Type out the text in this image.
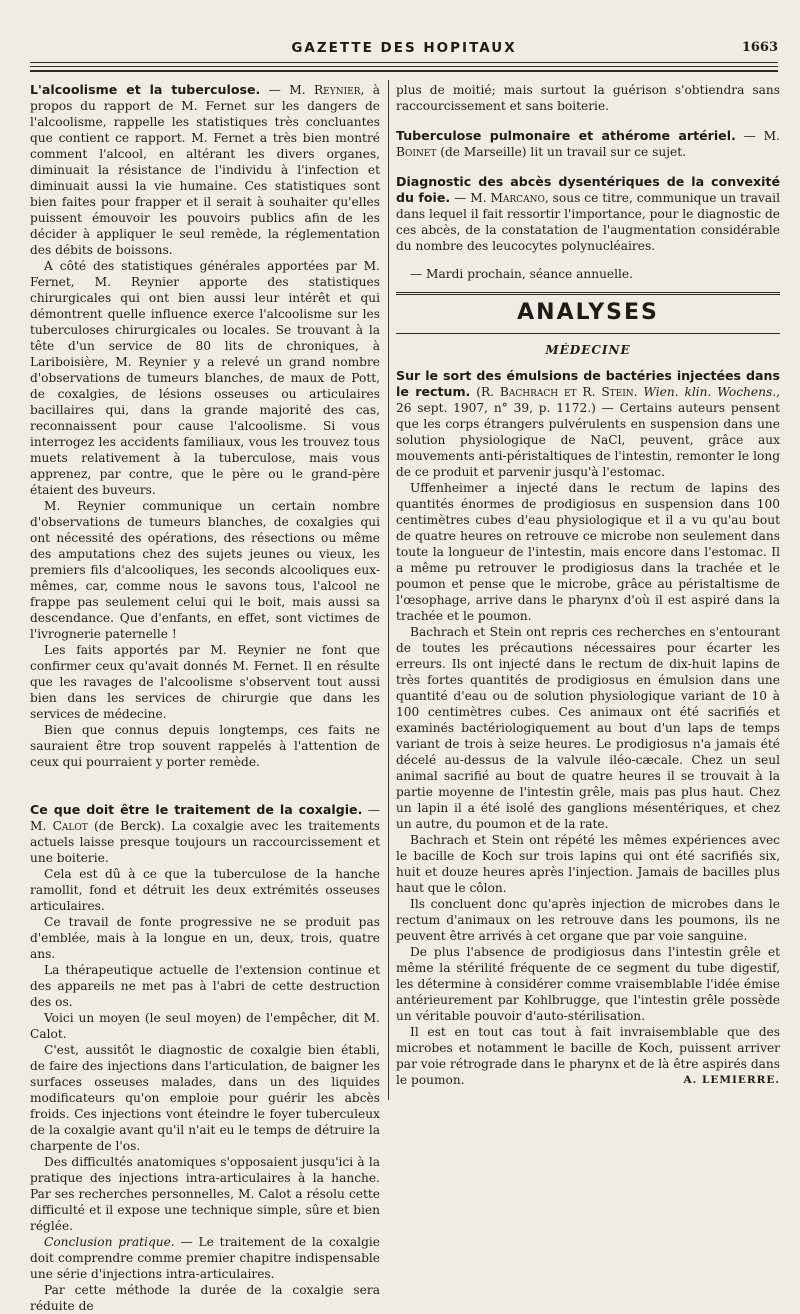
GAZETTE DES HOPITAUX	1663

L'alcoolisme et la tuberculose. — M. Reynier, à propos du rapport de M. Fernet sur les dangers de l'alcoolisme, rappelle les statistiques très concluantes que contient ce rapport. M. Fernet a très bien montré comment l'alcool, en altérant les divers organes, diminuait la résistance de l'individu à l'infection et diminuait aussi la vie humaine. Ces statistiques sont bien faites pour frapper et il serait à souhaiter qu'elles puissent émouvoir les pouvoirs publics afin de les décider à appliquer le seul remède, la réglementation des débits de boissons.

A côté des statistiques générales apportées par M. Fernet, M. Reynier apporte des statistiques chirurgicales qui ont bien aussi leur intérêt et qui démontrent quelle influence exerce l'alcoolisme sur les tuberculoses chirurgicales ou locales. Se trouvant à la tête d'un service de 80 lits de chroniques, à Lariboisière, M. Reynier y a relevé un grand nombre d'observations de tumeurs blanches, de maux de Pott, de coxalgies, de lésions osseuses ou articulaires bacillaires qui, dans la grande majorité des cas, reconnaissent pour cause l'alcoolisme. Si vous interrogez les accidents familiaux, vous les trouvez tous muets relativement à la tuberculose, mais vous apprenez, par contre, que le père ou le grand-père étaient des buveurs.

M. Reynier communique un certain nombre d'observations de tumeurs blanches, de coxalgies qui ont nécessité des opérations, des résections ou même des amputations chez des sujets jeunes ou vieux, les premiers fils d'alcooliques, les seconds alcooliques eux-mêmes, car, comme nous le savons tous, l'alcool ne frappe pas seulement celui qui le boit, mais aussi sa descendance. Que d'enfants, en effet, sont victimes de l'ivrognerie paternelle !

Les faits apportés par M. Reynier ne font que confirmer ceux qu'avait donnés M. Fernet. Il en résulte que les ravages de l'alcoolisme s'observent tout aussi bien dans les services de chirurgie que dans les services de médecine.

Bien que connus depuis longtemps, ces faits ne sauraient être trop souvent rappelés à l'attention de ceux qui pourraient y porter remède.

Ce que doit être le traitement de la coxalgie. — M. Calot (de Berck). La coxalgie avec les traitements actuels laisse presque toujours un raccourcissement et une boiterie.

Cela est dû à ce que la tuberculose de la hanche ramollit, fond et détruit les deux extrémités osseuses articulaires.

Ce travail de fonte progressive ne se produit pas d'emblée, mais à la longue en un, deux, trois, quatre ans.

La thérapeutique actuelle de l'extension continue et des appareils ne met pas à l'abri de cette destruction des os.

Voici un moyen (le seul moyen) de l'empêcher, dit M. Calot.

C'est, aussitôt le diagnostic de coxalgie bien établi, de faire des injections dans l'articulation, de baigner les surfaces osseuses malades, dans un des liquides modificateurs qu'on emploie pour guérir les abcès froids. Ces injections vont éteindre le foyer tuberculeux de la coxalgie avant qu'il n'ait eu le temps de détruire la charpente de l'os.

Des difficultés anatomiques s'opposaient jusqu'ici à la pratique des injections intra-articulaires à la hanche. Par ses recherches personnelles, M. Calot a résolu cette difficulté et il expose une technique simple, sûre et bien réglée.

Conclusion pratique. — Le traitement de la coxalgie doit comprendre comme premier chapitre indispensable une série d'injections intra-articulaires.

Par cette méthode la durée de la coxalgie sera réduite de

plus de moitié; mais surtout la guérison s'obtiendra sans raccourcissement et sans boiterie.

Tuberculose pulmonaire et athérome artériel. — M. Boinet (de Marseille) lit un travail sur ce sujet.

Diagnostic des abcès dysentériques de la convexité du foie. — M. Marcano, sous ce titre, communique un travail dans lequel il fait ressortir l'importance, pour le diagnostic de ces abcès, de la constatation de l'augmentation considérable du nombre des leucocytes polynucléaires.

— Mardi prochain, séance annuelle.

ANALYSES
MÉDECINE

Sur le sort des émulsions de bactéries injectées dans le rectum. (R. Bachrach et R. Stein. Wien. klin. Wochens., 26 sept. 1907, n° 39, p. 1172.) — Certains auteurs pensent que les corps étrangers pulvérulents en suspension dans une solution physiologique de NaCl, peuvent, grâce aux mouvements anti-péristaltiques de l'intestin, remonter le long de ce produit et parvenir jusqu'à l'estomac.

Uffenheimer a injecté dans le rectum de lapins des quantités énormes de prodigiosus en suspension dans 100 centimètres cubes d'eau physiologique et il a vu qu'au bout de quatre heures on retrouve ce microbe non seulement dans toute la longueur de l'intestin, mais encore dans l'estomac. Il a même pu retrouver le prodigiosus dans la trachée et le poumon et pense que le microbe, grâce au péristaltisme de l'œsophage, arrive dans le pharynx d'où il est aspiré dans la trachée et le poumon.

Bachrach et Stein ont repris ces recherches en s'entourant de toutes les précautions nécessaires pour écarter les erreurs. Ils ont injecté dans le rectum de dix-huit lapins de très fortes quantités de prodigiosus en émulsion dans une quantité d'eau ou de solution physiologique variant de 10 à 100 centimètres cubes. Ces animaux ont été sacrifiés et examinés bactériologiquement au bout d'un laps de temps variant de trois à seize heures. Le prodigiosus n'a jamais été décelé au-dessus de la valvule iléo-cæcale. Chez un seul animal sacrifié au bout de quatre heures il se trouvait à la partie moyenne de l'intestin grêle, mais pas plus haut. Chez un lapin il a été isolé des ganglions mésentériques, et chez un autre, du poumon et de la rate.

Bachrach et Stein ont répété les mêmes expériences avec le bacille de Koch sur trois lapins qui ont été sacrifiés six, huit et douze heures après l'injection. Jamais de bacilles plus haut que le côlon.

Ils concluent donc qu'après injection de microbes dans le rectum d'animaux on les retrouve dans les poumons, ils ne peuvent être arrivés à cet organe que par voie sanguine.

De plus l'absence de prodigiosus dans l'intestin grêle et même la stérilité fréquente de ce segment du tube digestif, les détermine à considérer comme vraisemblable l'idée émise antérieurement par Kohlbrugge, que l'intestin grêle possède un véritable pouvoir d'auto-stérilisation.

Il est en tout cas tout à fait invraisemblable que des microbes et notamment le bacille de Koch, puissent arriver par voie rétrograde dans le pharynx et de là être aspirés dans le poumon.	A. LEMIERRE.
